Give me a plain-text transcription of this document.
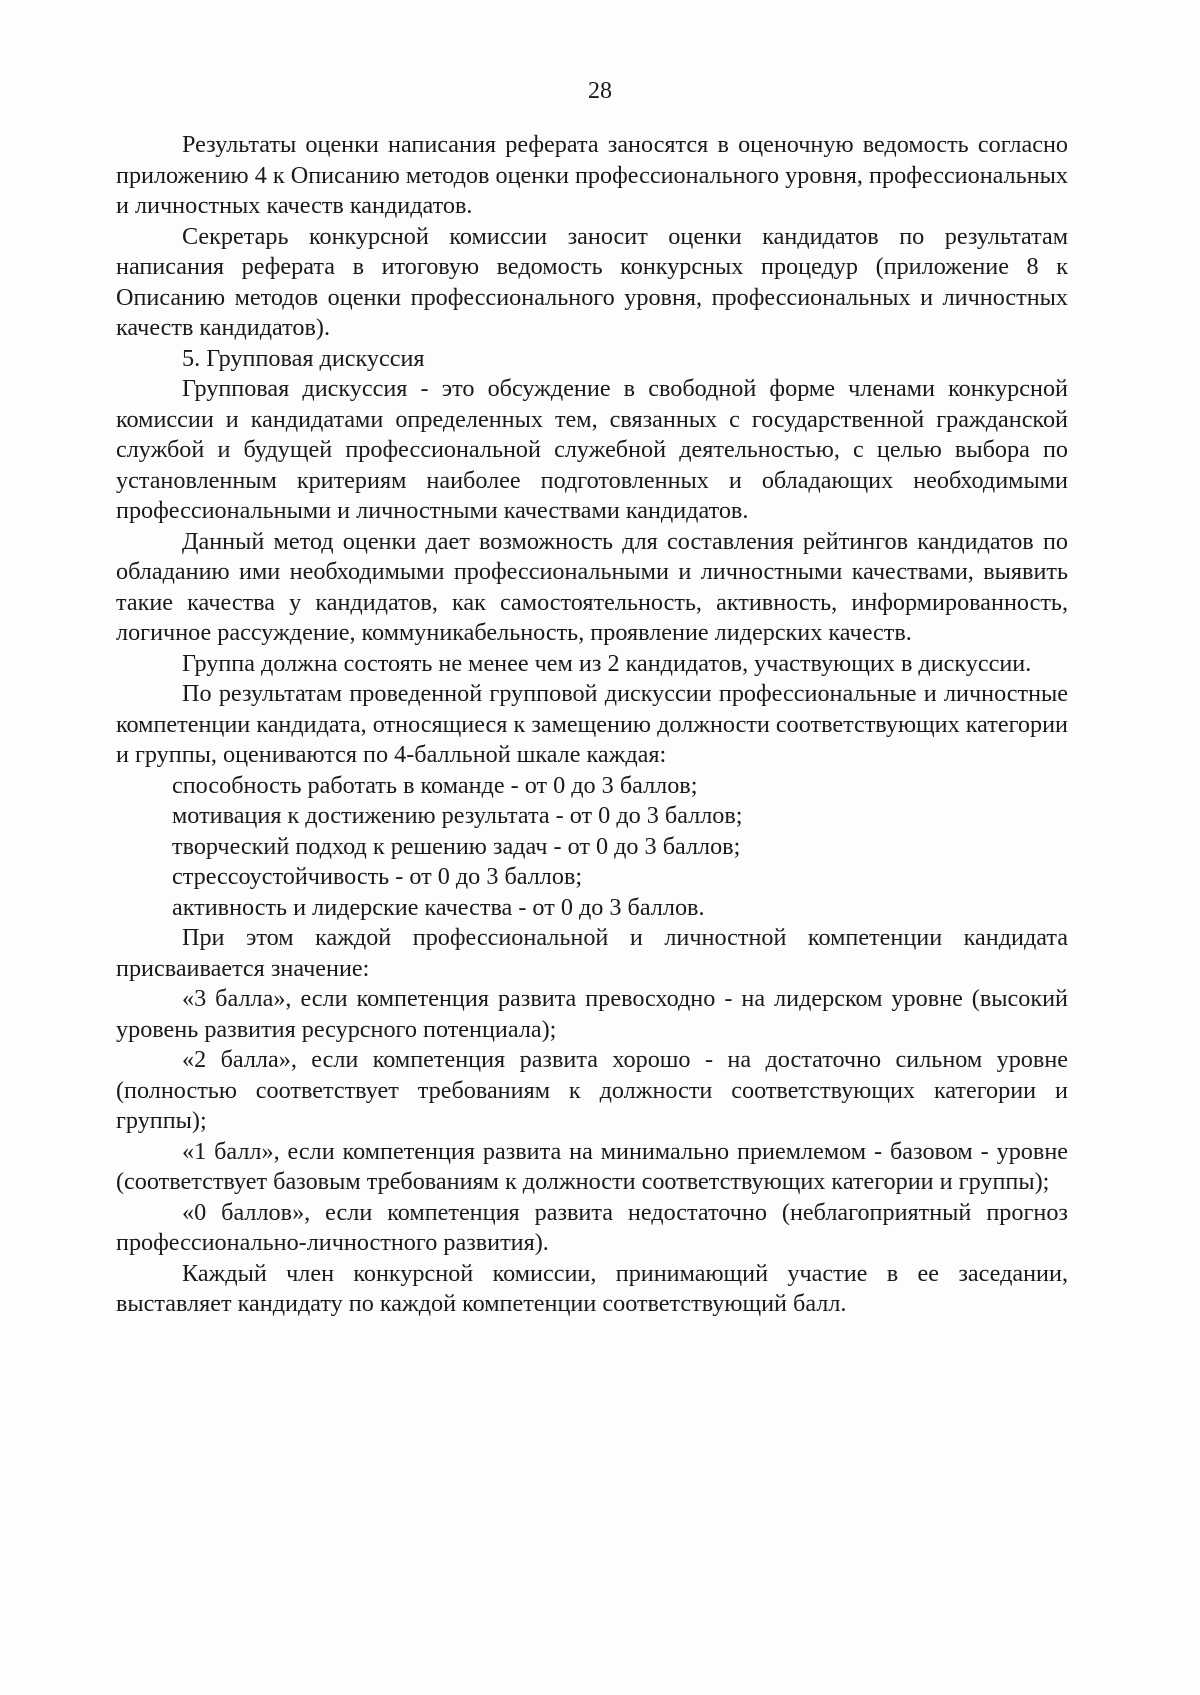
28

Результаты оценки написания реферата заносятся в оценочную ведомость согласно приложению 4 к Описанию методов оценки профессионального уровня, профессиональных и личностных качеств кандидатов.

Секретарь конкурсной комиссии заносит оценки кандидатов по результатам написания реферата в итоговую ведомость конкурсных процедур (приложение 8 к Описанию методов оценки профессионального уровня, профессиональных и личностных качеств кандидатов).

5. Групповая дискуссия

Групповая дискуссия - это обсуждение в свободной форме членами конкурсной комиссии и кандидатами определенных тем, связанных с государственной гражданской службой и будущей профессиональной служебной деятельностью, с целью выбора по установленным критериям наиболее подготовленных и обладающих необходимыми профессиональными и личностными качествами кандидатов.

Данный метод оценки дает возможность для составления рейтингов кандидатов по обладанию ими необходимыми профессиональными и личностными качествами, выявить такие качества у кандидатов, как самостоятельность, активность, информированность, логичное рассуждение, коммуникабельность, проявление лидерских качеств.

Группа должна состоять не менее чем из 2 кандидатов, участвующих в дискуссии.

По результатам проведенной групповой дискуссии профессиональные и личностные компетенции кандидата, относящиеся к замещению должности соответствующих категории и группы, оцениваются по 4-балльной шкале каждая:

способность работать в команде - от 0 до 3 баллов;

мотивация к достижению результата - от 0 до 3 баллов;

творческий подход к решению задач - от 0 до 3 баллов;

стрессоустойчивость - от 0 до 3 баллов;

активность и лидерские качества - от 0 до 3 баллов.

При этом каждой профессиональной и личностной компетенции кандидата присваивается значение:

«3 балла», если компетенция развита превосходно - на лидерском уровне (высокий уровень развития ресурсного потенциала);

«2 балла», если компетенция развита хорошо - на достаточно сильном уровне (полностью соответствует требованиям к должности соответствующих категории и группы);

«1 балл», если компетенция развита на минимально приемлемом - базовом - уровне (соответствует базовым требованиям к должности соответствующих категории и группы);

«0 баллов», если компетенция развита недостаточно (неблагоприятный прогноз профессионально-личностного развития).

Каждый член конкурсной комиссии, принимающий участие в ее заседании, выставляет кандидату по каждой компетенции соответствующий балл.
